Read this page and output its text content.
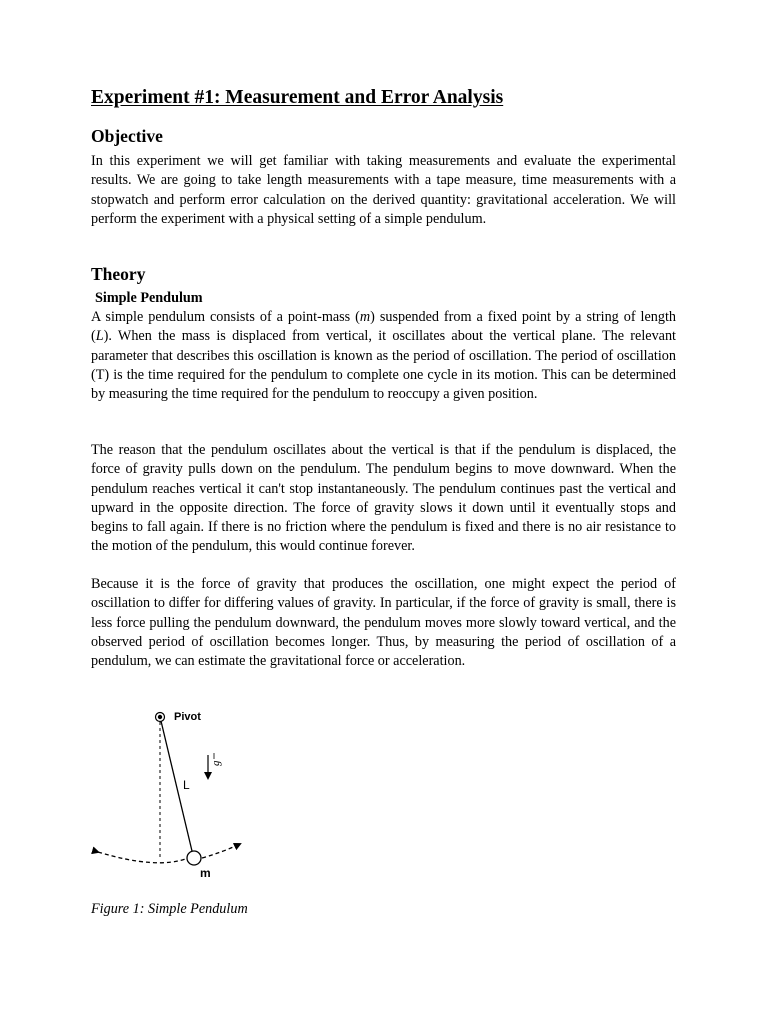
Experiment #1: Measurement and Error Analysis
Objective

In this experiment we will get familiar with taking measurements and evaluate the experimental results. We are going to take length measurements with a tape measure, time measurements with a stopwatch and perform error calculation on the derived quantity: gravitational acceleration. We will perform the experiment with a physical setting of a simple pendulum.

Theory
Simple Pendulum

A simple pendulum consists of a point-mass (m) suspended from a fixed point by a string of length (L). When the mass is displaced from vertical, it oscillates about the vertical plane. The relevant parameter that describes this oscillation is known as the period of oscillation. The period of oscillation (T) is the time required for the pendulum to complete one cycle in its motion. This can be determined by measuring the time required for the pendulum to reoccupy a given position.

The reason that the pendulum oscillates about the vertical is that if the pendulum is displaced, the force of gravity pulls down on the pendulum. The pendulum begins to move downward. When the pendulum reaches vertical it can't stop instantaneously. The pendulum continues past the vertical and upward in the opposite direction. The force of gravity slows it down until it eventually stops and begins to fall again. If there is no friction where the pendulum is fixed and there is no air resistance to the motion of the pendulum, this would continue forever.

Because it is the force of gravity that produces the oscillation, one might expect the period of oscillation to differ for differing values of gravity. In particular, if the force of gravity is small, there is less force pulling the pendulum downward, the pendulum moves more slowly toward vertical, and the observed period of oscillation becomes longer. Thus, by measuring the period of oscillation of a pendulum, we can estimate the gravitational force or acceleration.

Pivot
L
g
m

Figure 1: Simple Pendulum
